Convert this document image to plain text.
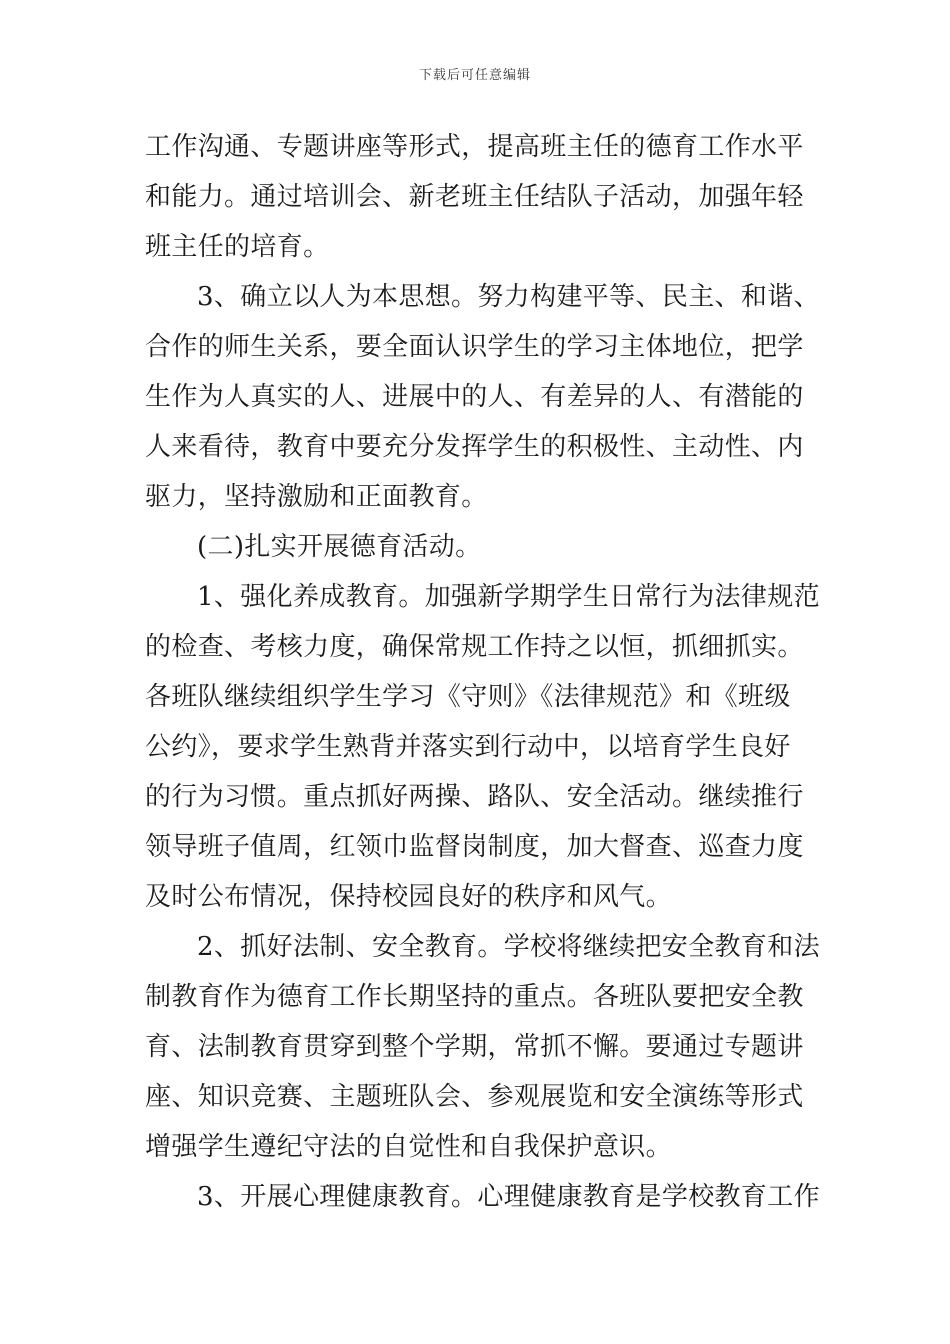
下载后可任意编辑
工作沟通、专题讲座等形式，提高班主任的德育工作水平
和能力。通过培训会、新老班主任结队子活动，加强年轻
班主任的培育。
3、确立以人为本思想。努力构建平等、民主、和谐、
合作的师生关系，要全面认识学生的学习主体地位，把学
生作为人真实的人、进展中的人、有差异的人、有潜能的
人来看待，教育中要充分发挥学生的积极性、主动性、内
驱力，坚持激励和正面教育。
(二)扎实开展德育活动。
1、强化养成教育。加强新学期学生日常行为法律规范
的检查、考核力度，确保常规工作持之以恒，抓细抓实。
各班队继续组织学生学习《守则》《法律规范》和《班级
公约》，要求学生熟背并落实到行动中，以培育学生良好
的行为习惯。重点抓好两操、路队、安全活动。继续推行
领导班子值周，红领巾监督岗制度，加大督查、巡查力度
及时公布情况，保持校园良好的秩序和风气。
2、抓好法制、安全教育。学校将继续把安全教育和法
制教育作为德育工作长期坚持的重点。各班队要把安全教
育、法制教育贯穿到整个学期，常抓不懈。要通过专题讲
座、知识竞赛、主题班队会、参观展览和安全演练等形式
增强学生遵纪守法的自觉性和自我保护意识。
3、开展心理健康教育。心理健康教育是学校教育工作
